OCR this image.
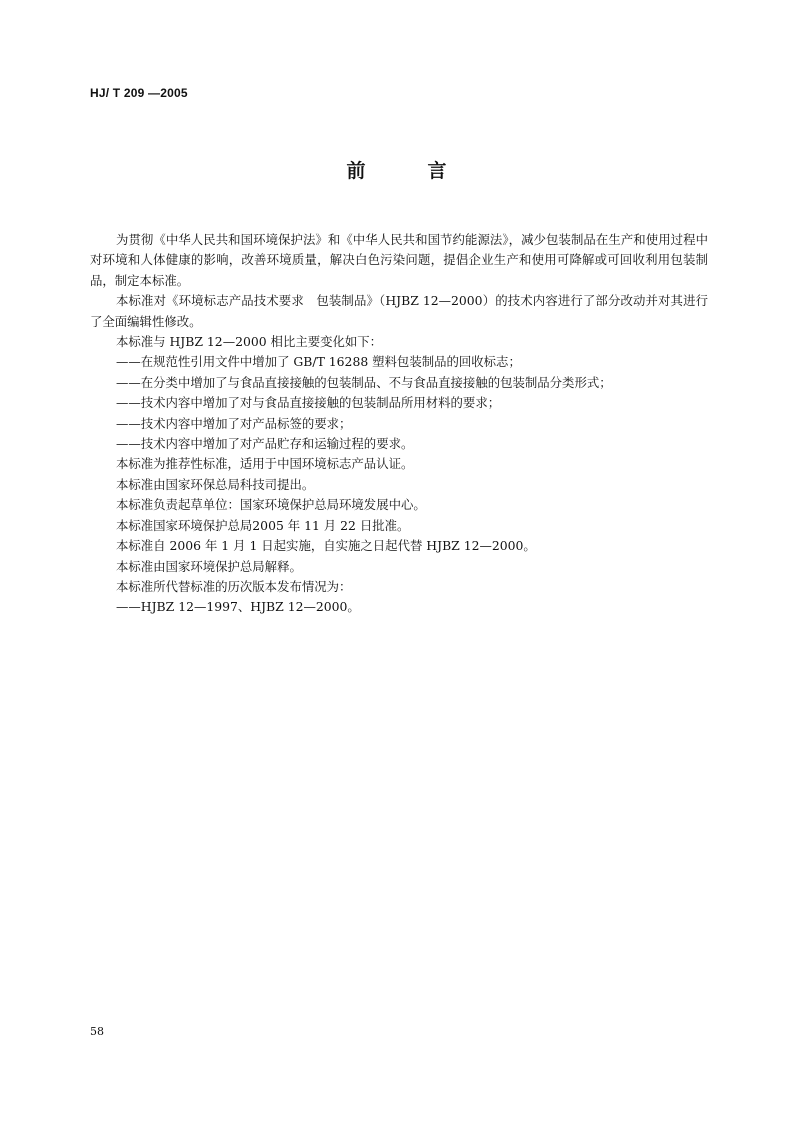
HJ/ T 209 —2005
前言

为贯彻《中华人民共和国环境保护法》和《中华人民共和国节约能源法》，减少包装制品在生产和使用过程中对环境和人体健康的影响，改善环境质量，解决白色污染问题，提倡企业生产和使用可降解或可回收利用包装制品，制定本标准。

本标准对《环境标志产品技术要求　包装制品》（HJBZ 12—2000）的技术内容进行了部分改动并对其进行了全面编辑性修改。

本标准与 HJBZ 12—2000 相比主要变化如下：

——在规范性引用文件中增加了 GB/T 16288 塑料包装制品的回收标志；

——在分类中增加了与食品直接接触的包装制品、不与食品直接接触的包装制品分类形式；

——技术内容中增加了对与食品直接接触的包装制品所用材料的要求；

——技术内容中增加了对产品标签的要求；

——技术内容中增加了对产品贮存和运输过程的要求。

本标准为推荐性标准，适用于中国环境标志产品认证。

本标准由国家环保总局科技司提出。

本标准负责起草单位：国家环境保护总局环境发展中心。

本标准国家环境保护总局2005 年 11 月 22 日批准。

本标准自 2006 年 1 月 1 日起实施，自实施之日起代替 HJBZ 12—2000。

本标准由国家环境保护总局解释。

本标准所代替标准的历次版本发布情况为：

——HJBZ 12—1997、HJBZ 12—2000。

58
